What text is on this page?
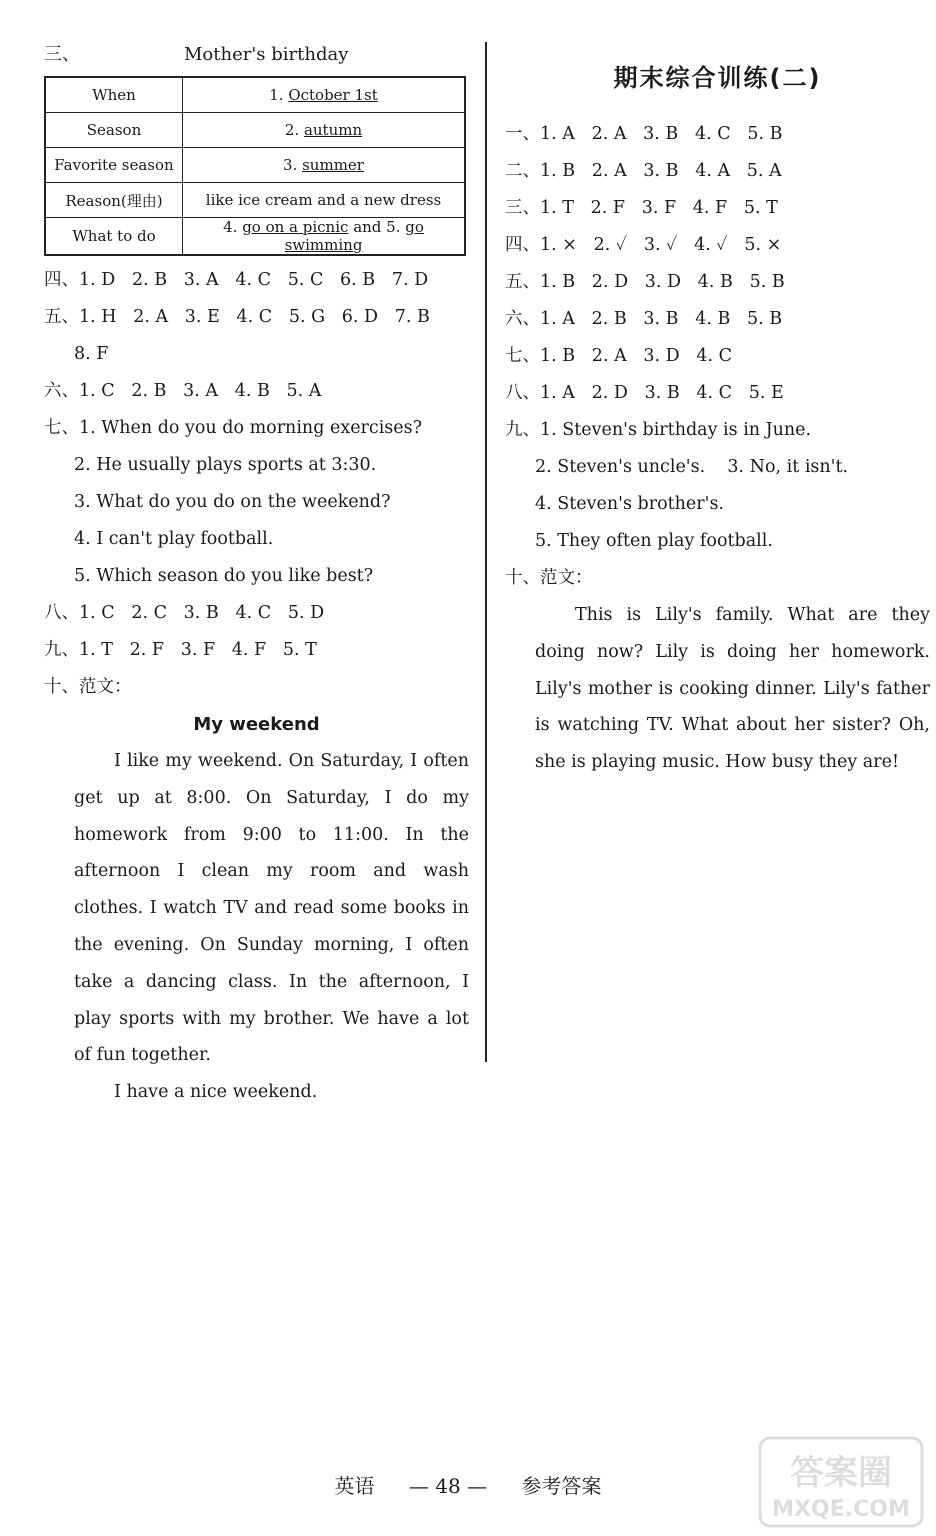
三、	Mother's birthday
When	1. October 1st
Season	2. autumn
Favorite season	3. summer
Reason(理由)	like ice cream and a new dress
What to do	4. go on a picnic and 5. go swimming
四、1. D   2. B   3. A   4. C   5. C   6. B   7. D
五、1. H   2. A   3. E   4. C   5. G   6. D   7. B
8. F
六、1. C   2. B   3. A   4. B   5. A
七、1. When do you do morning exercises?
2. He usually plays sports at 3:30.
3. What do you do on the weekend?
4. I can't play football.
5. Which season do you like best?
八、1. C   2. C   3. B   4. C   5. D
九、1. T   2. F   3. F   4. F   5. T
十、范文：
My weekend

I like my weekend. On Saturday, I often get up at 8:00. On Saturday, I do my homework from 9:00 to 11:00. In the afternoon I clean my room and wash clothes. I watch TV and read some books in the evening. On Sunday morning, I often take a dancing class. In the afternoon, I play sports with my brother. We have a lot of fun together.

I have a nice weekend.

期末综合训练(二)
一、1. A   2. A   3. B   4. C   5. B
二、1. B   2. A   3. B   4. A   5. A
三、1. T   2. F   3. F   4. F   5. T
四、1. ×   2. ✓   3. ✓   4. ✓   5. ×
五、1. B   2. D   3. D   4. B   5. B
六、1. A   2. B   3. B   4. B   5. B
七、1. B   2. A   3. D   4. C
八、1. A   2. D   3. B   4. C   5. E
九、1. Steven's birthday is in June.
2. Steven's uncle's.    3. No, it isn't.
4. Steven's brother's.
5. They often play football.
十、范文：

This is Lily's family. What are they doing now? Lily is doing her homework. Lily's mother is cooking dinner. Lily's father is watching TV. What about her sister? Oh, she is playing music. How busy they are!

英语 — 48 — 参考答案	答案圈
MXQE.COM
